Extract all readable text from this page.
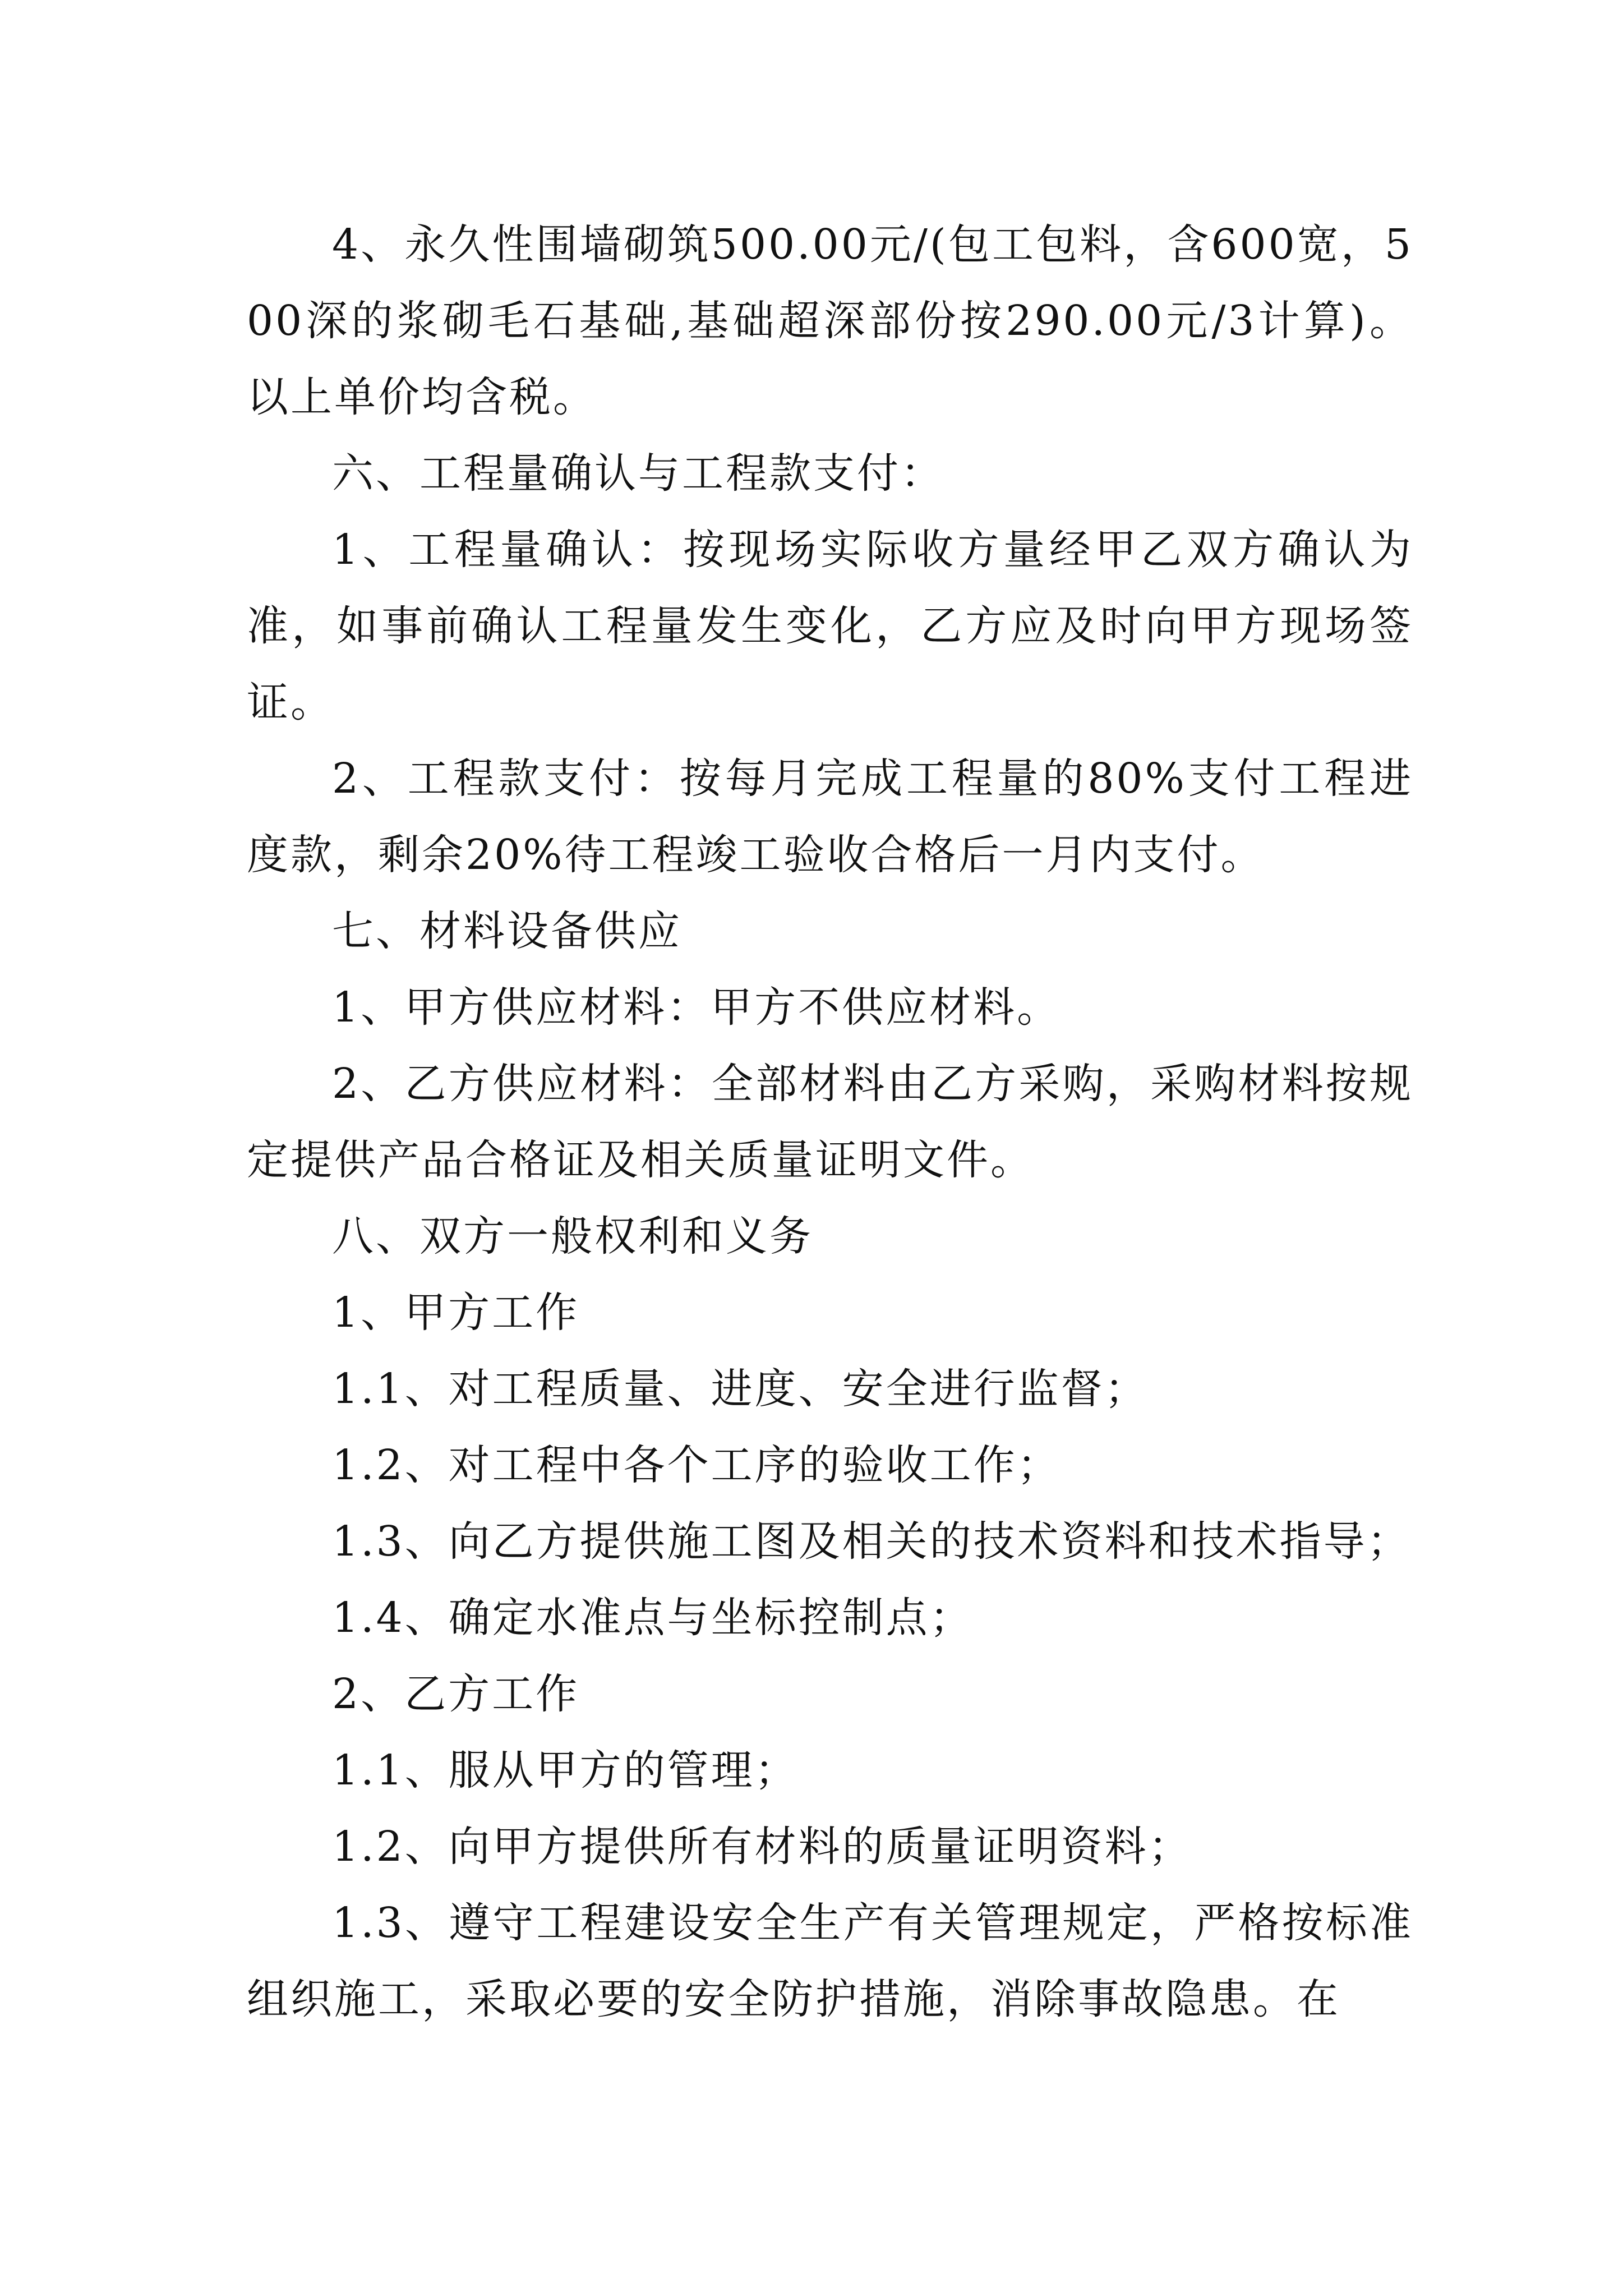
4、永久性围墙砌筑500.00元/(包工包料，含600宽，500深的浆砌毛石基础,基础超深部份按290.00元/3计算)。以上单价均含税。

六、工程量确认与工程款支付：

1、工程量确认：按现场实际收方量经甲乙双方确认为准，如事前确认工程量发生变化，乙方应及时向甲方现场签证。

2、工程款支付：按每月完成工程量的80%支付工程进度款，剩余20%待工程竣工验收合格后一月内支付。

七、材料设备供应

1、甲方供应材料：甲方不供应材料。

2、乙方供应材料：全部材料由乙方采购，采购材料按规定提供产品合格证及相关质量证明文件。

八、双方一般权利和义务

1、甲方工作

1.1、对工程质量、进度、安全进行监督；

1.2、对工程中各个工序的验收工作；

1.3、向乙方提供施工图及相关的技术资料和技术指导；

1.4、确定水准点与坐标控制点；

2、乙方工作

1.1、服从甲方的管理；

1.2、向甲方提供所有材料的质量证明资料；

1.3、遵守工程建设安全生产有关管理规定，严格按标准组织施工，采取必要的安全防护措施，消除事故隐患。在
